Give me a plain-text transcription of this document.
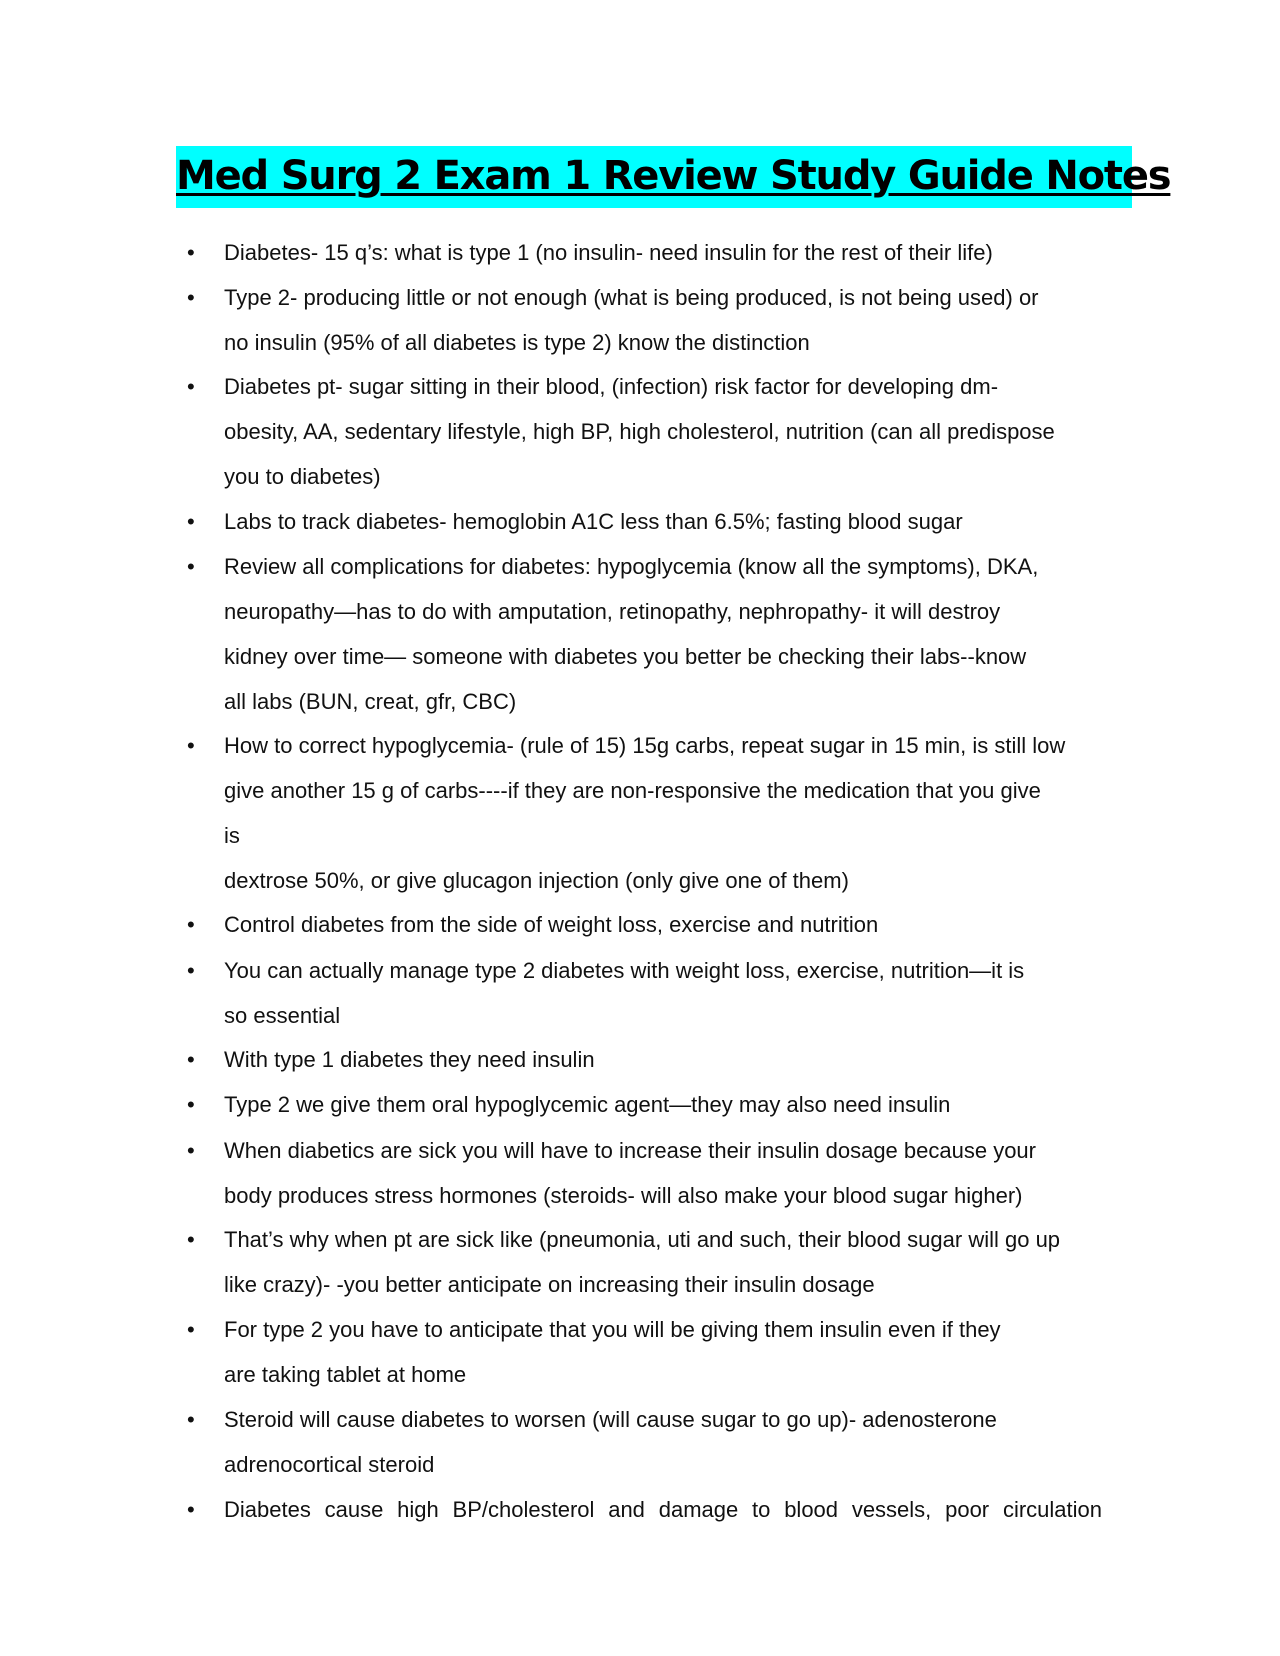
Med Surg 2 Exam 1 Review Study Guide Notes
• Diabetes- 15 q’s: what is type 1 (no insulin- need insulin for the rest of their life)
• Type 2- producing little or not enough (what is being produced, is not being used) or
no insulin (95% of all diabetes is type 2) know the distinction
• Diabetes pt- sugar sitting in their blood, (infection) risk factor for developing dm-
obesity, AA, sedentary lifestyle, high BP, high cholesterol, nutrition (can all predispose
you to diabetes)
• Labs to track diabetes- hemoglobin A1C less than 6.5%; fasting blood sugar
• Review all complications for diabetes: hypoglycemia (know all the symptoms), DKA,
neuropathy—has to do with amputation, retinopathy, nephropathy- it will destroy
kidney over time— someone with diabetes you better be checking their labs--know
all labs (BUN, creat, gfr, CBC)
• How to correct hypoglycemia- (rule of 15) 15g carbs, repeat sugar in 15 min, is still low
give another 15 g of carbs----if they are non-responsive the medication that you give
is
dextrose 50%, or give glucagon injection (only give one of them)
• Control diabetes from the side of weight loss, exercise and nutrition
• You can actually manage type 2 diabetes with weight loss, exercise, nutrition—it is
so essential
• With type 1 diabetes they need insulin
• Type 2 we give them oral hypoglycemic agent—they may also need insulin
• When diabetics are sick you will have to increase their insulin dosage because your
body produces stress hormones (steroids- will also make your blood sugar higher)
• That’s why when pt are sick like (pneumonia, uti and such, their blood sugar will go up
like crazy)- -you better anticipate on increasing their insulin dosage
• For type 2 you have to anticipate that you will be giving them insulin even if they
are taking tablet at home
• Steroid will cause diabetes to worsen (will cause sugar to go up)- adenosterone
adrenocortical steroid
• Diabetes cause high BP/cholesterol and damage to blood vessels, poor circulation
